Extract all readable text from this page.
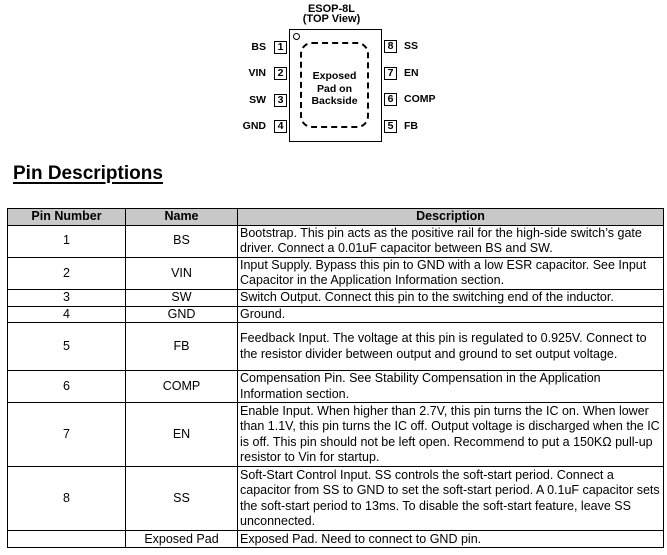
ESOP-8L
(TOP View)
Exposed
Pad on
Backside
BS	1
VIN	2
SW	3
GND	4
8	SS
7	EN
6	COMP
5	FB
Pin Descriptions
Pin Number	Name	Description
1	BS	Bootstrap. This pin acts as the positive rail for the high-side switch’s gate driver. Connect a 0.01uF capacitor between BS and SW.
2	VIN	Input Supply. Bypass this pin to GND with a low ESR capacitor. See Input Capacitor in the Application Information section.
3	SW	Switch Output. Connect this pin to the switching end of the inductor.
4	GND	Ground.
5	FB	Feedback Input. The voltage at this pin is regulated to 0.925V. Connect to the resistor divider between output and ground to set output voltage.
6	COMP	Compensation Pin. See Stability Compensation in the Application Information section.
7	EN	Enable Input. When higher than 2.7V, this pin turns the IC on. When lower than 1.1V, this pin turns the IC off. Output voltage is discharged when the IC is off. This pin should not be left open. Recommend to put a 150KΩ pull-up resistor to Vin for startup.
8	SS	Soft-Start Control Input. SS controls the soft-start period. Connect a capacitor from SS to GND to set the soft-start period. A 0.1uF capacitor sets the soft-start period to 13ms. To disable the soft-start feature, leave SS unconnected.
	Exposed Pad	Exposed Pad. Need to connect to GND pin.
